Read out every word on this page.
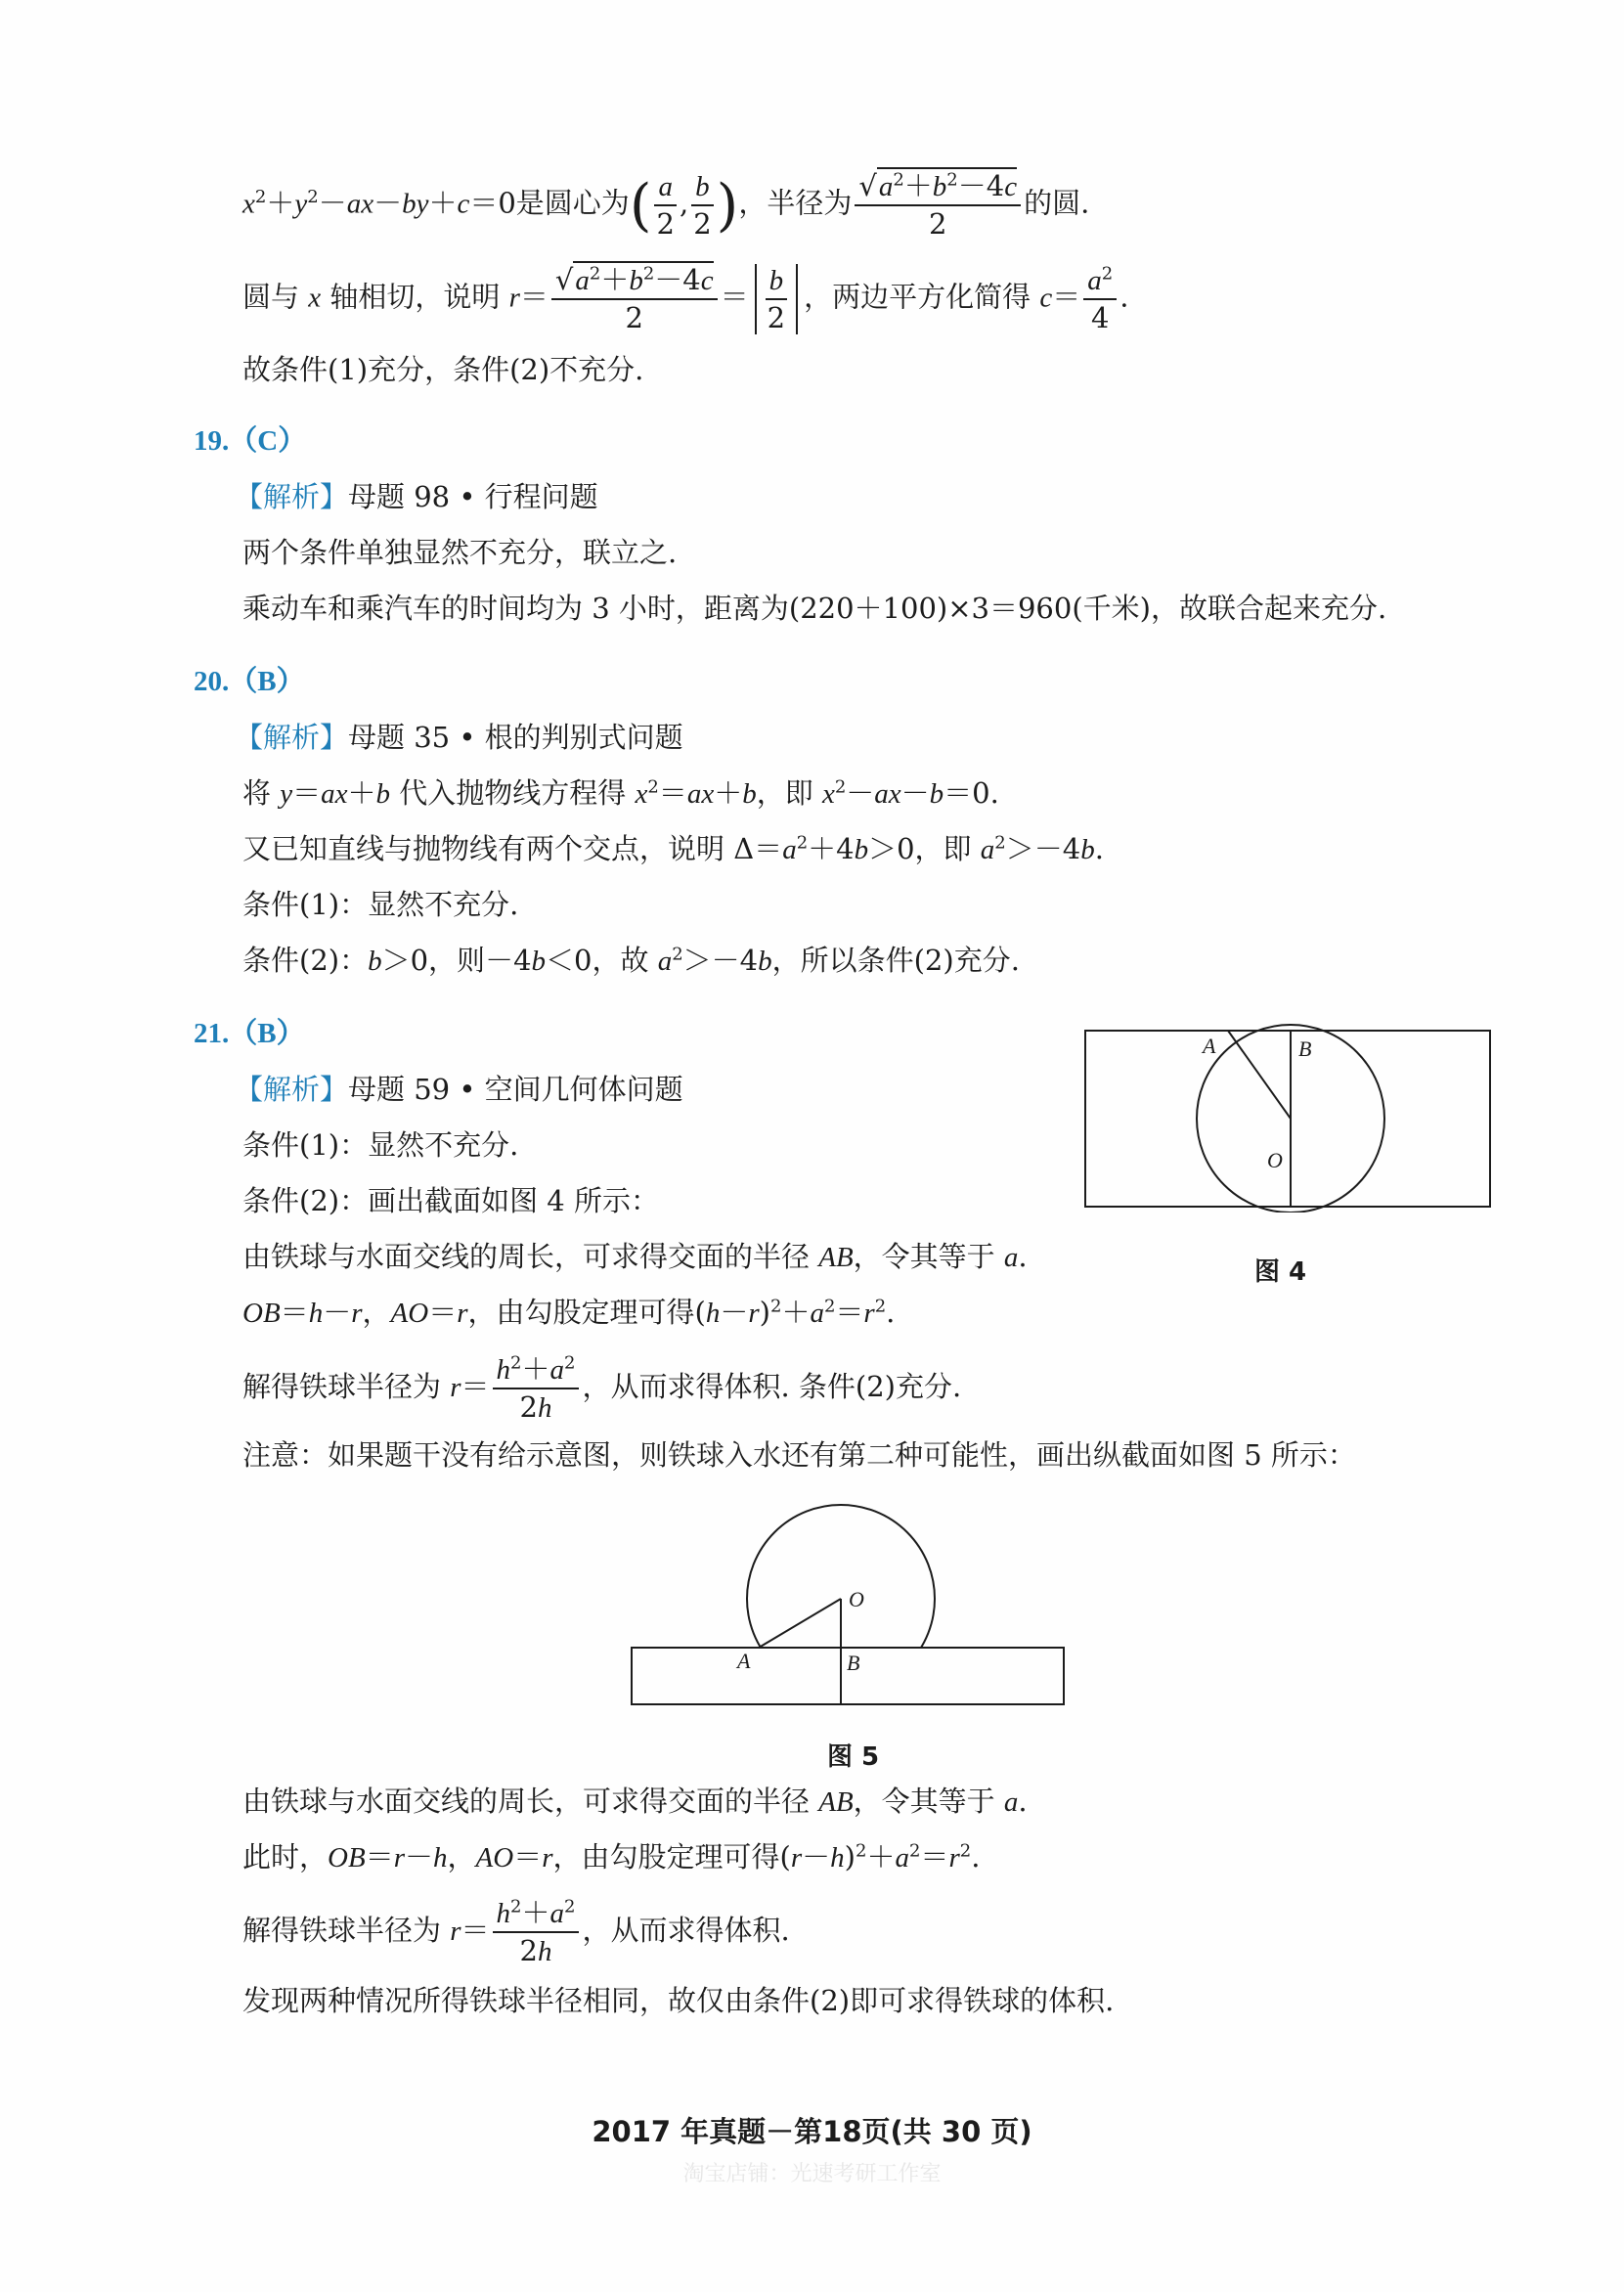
$x^2+y^2-ax-by+c=0$是圆心为( $\frac{a}{2}$ , $\frac{b}{2}$ )，半径为 $\frac{√a^2+b^2-4c}{2}$ 的圆.
圆与 x 轴相切，说明 $r= \frac{√a^2+b^2-4c}{2} = \frac{b}{2}$ ，两边平方化简得 $c= \frac{a^2}{4}$ .
故条件(1)充分，条件(2)不充分.
19.（C）
【解析】母题 98 • 行程问题
两个条件单独显然不充分，联立之.
乘动车和乘汽车的时间均为 3 小时，距离为(220＋100)×3＝960(千米)，故联合起来充分.
20.（B）
【解析】母题 35 • 根的判别式问题
将 y＝ax＋b 代入抛物线方程得 $x^2=ax+b$，即 $x^2-ax-b=0$.
又已知直线与抛物线有两个交点，说明 $\Delta=a^2+4b>0$，即 $a^2>-4b$.
条件(1)：显然不充分.
条件(2)：b＞0，则－4b＜0，故 $a^2>-4b$，所以条件(2)充分.
21.（B）
【解析】母题 59 • 空间几何体问题
条件(1)：显然不充分.
条件(2)：画出截面如图 4 所示：
由铁球与水面交线的周长，可求得交面的半径 AB，令其等于 a.
OB＝h－r，AO＝r，由勾股定理可得$(h-r)^2+a^2=r^2$.
解得铁球半径为 $r= \frac{h^2+a^2}{2h}$ ，从而求得体积. 条件(2)充分.
注意：如果题干没有给示意图，则铁球入水还有第二种可能性，画出纵截面如图 5 所示：
A	B
O
图 4
A	B
O
图 5
由铁球与水面交线的周长，可求得交面的半径 AB，令其等于 a.
此时，OB＝r－h，AO＝r，由勾股定理可得$(r-h)^2+a^2=r^2$.
解得铁球半径为 $r= \frac{h^2+a^2}{2h}$ ，从而求得体积.
发现两种情况所得铁球半径相同，故仅由条件(2)即可求得铁球的体积.
2017 年真题－第18页(共 30 页)
淘宝店铺：光速考研工作室
